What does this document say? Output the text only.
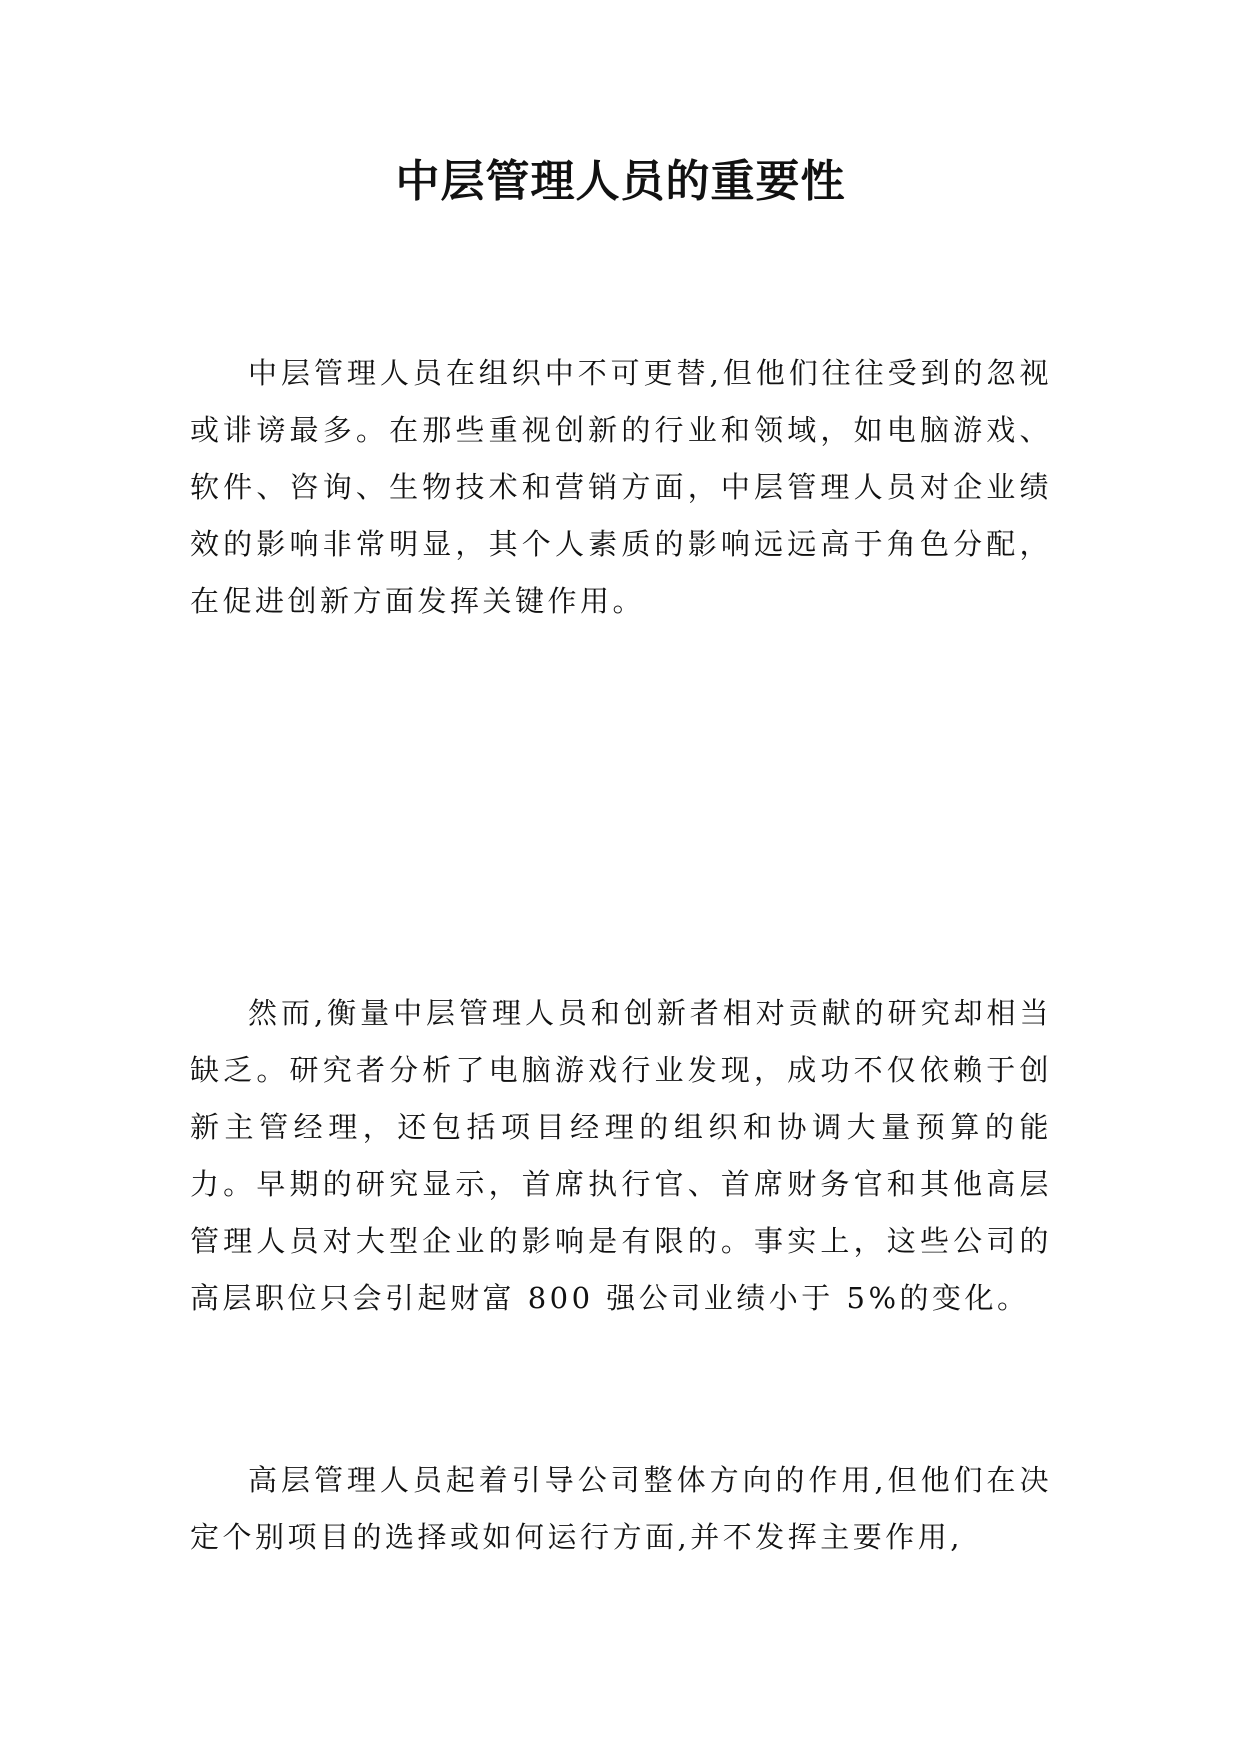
中层管理人员的重要性

中层管理人员在组织中不可更替,但他们往往受到的忽视或诽谤最多。在那些重视创新的行业和领域，如电脑游戏、软件、咨询、生物技术和营销方面，中层管理人员对企业绩效的影响非常明显，其个人素质的影响远远高于角色分配，在促进创新方面发挥关键作用。

然而,衡量中层管理人员和创新者相对贡献的研究却相当缺乏。研究者分析了电脑游戏行业发现，成功不仅依赖于创新主管经理，还包括项目经理的组织和协调大量预算的能力。早期的研究显示，首席执行官、首席财务官和其他高层管理人员对大型企业的影响是有限的。事实上，这些公司的高层职位只会引起财富 800 强公司业绩小于 5%的变化。

高层管理人员起着引导公司整体方向的作用,但他们在决定个别项目的选择或如何运行方面,并不发挥主要作用,
